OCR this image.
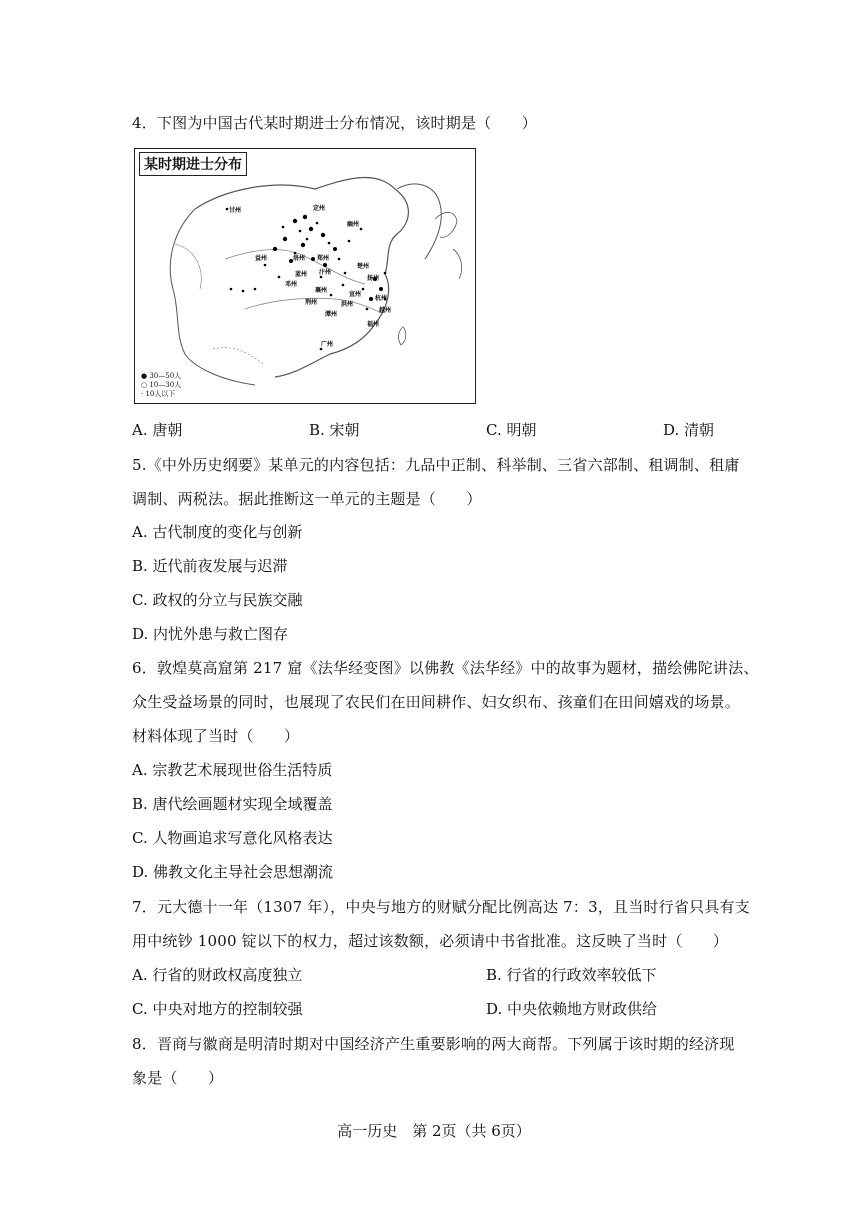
4．下图为中国古代某时期进士分布情况，该时期是（　　）
某时期进士分布
甘州	定州
汴州
洛州 郑州
蓝州
幽州
益州
邓州
荆州
襄州
宣州
杭州
越州
潭州
广州
福州
洪州
扬州
楚州
● 30—50人
○ 10—30人
· 10人以下
A. 唐朝	B. 宋朝	C. 明朝	D. 清朝
5.《中外历史纲要》某单元的内容包括：九品中正制、科举制、三省六部制、租调制、租庸
调制、两税法。据此推断这一单元的主题是（　　）
A. 古代制度的变化与创新
B. 近代前夜发展与迟滞
C. 政权的分立与民族交融
D. 内忧外患与救亡图存
6．敦煌莫高窟第 217 窟《法华经变图》以佛教《法华经》中的故事为题材，描绘佛陀讲法、
众生受益场景的同时，也展现了农民们在田间耕作、妇女织布、孩童们在田间嬉戏的场景。
材料体现了当时（　　）
A. 宗教艺术展现世俗生活特质
B. 唐代绘画题材实现全域覆盖
C. 人物画追求写意化风格表达
D. 佛教文化主导社会思想潮流
7．元大德十一年（1307 年），中央与地方的财赋分配比例高达 7：3，且当时行省只具有支
用中统钞 1000 锭以下的权力，超过该数额，必须请中书省批准。这反映了当时（　　）
A. 行省的财政权高度独立	B. 行省的行政效率较低下
C. 中央对地方的控制较强	D. 中央依赖地方财政供给
8．晋商与徽商是明清时期对中国经济产生重要影响的两大商帮。下列属于该时期的经济现
象是（　　）
高一历史　第 2页（共 6页）
